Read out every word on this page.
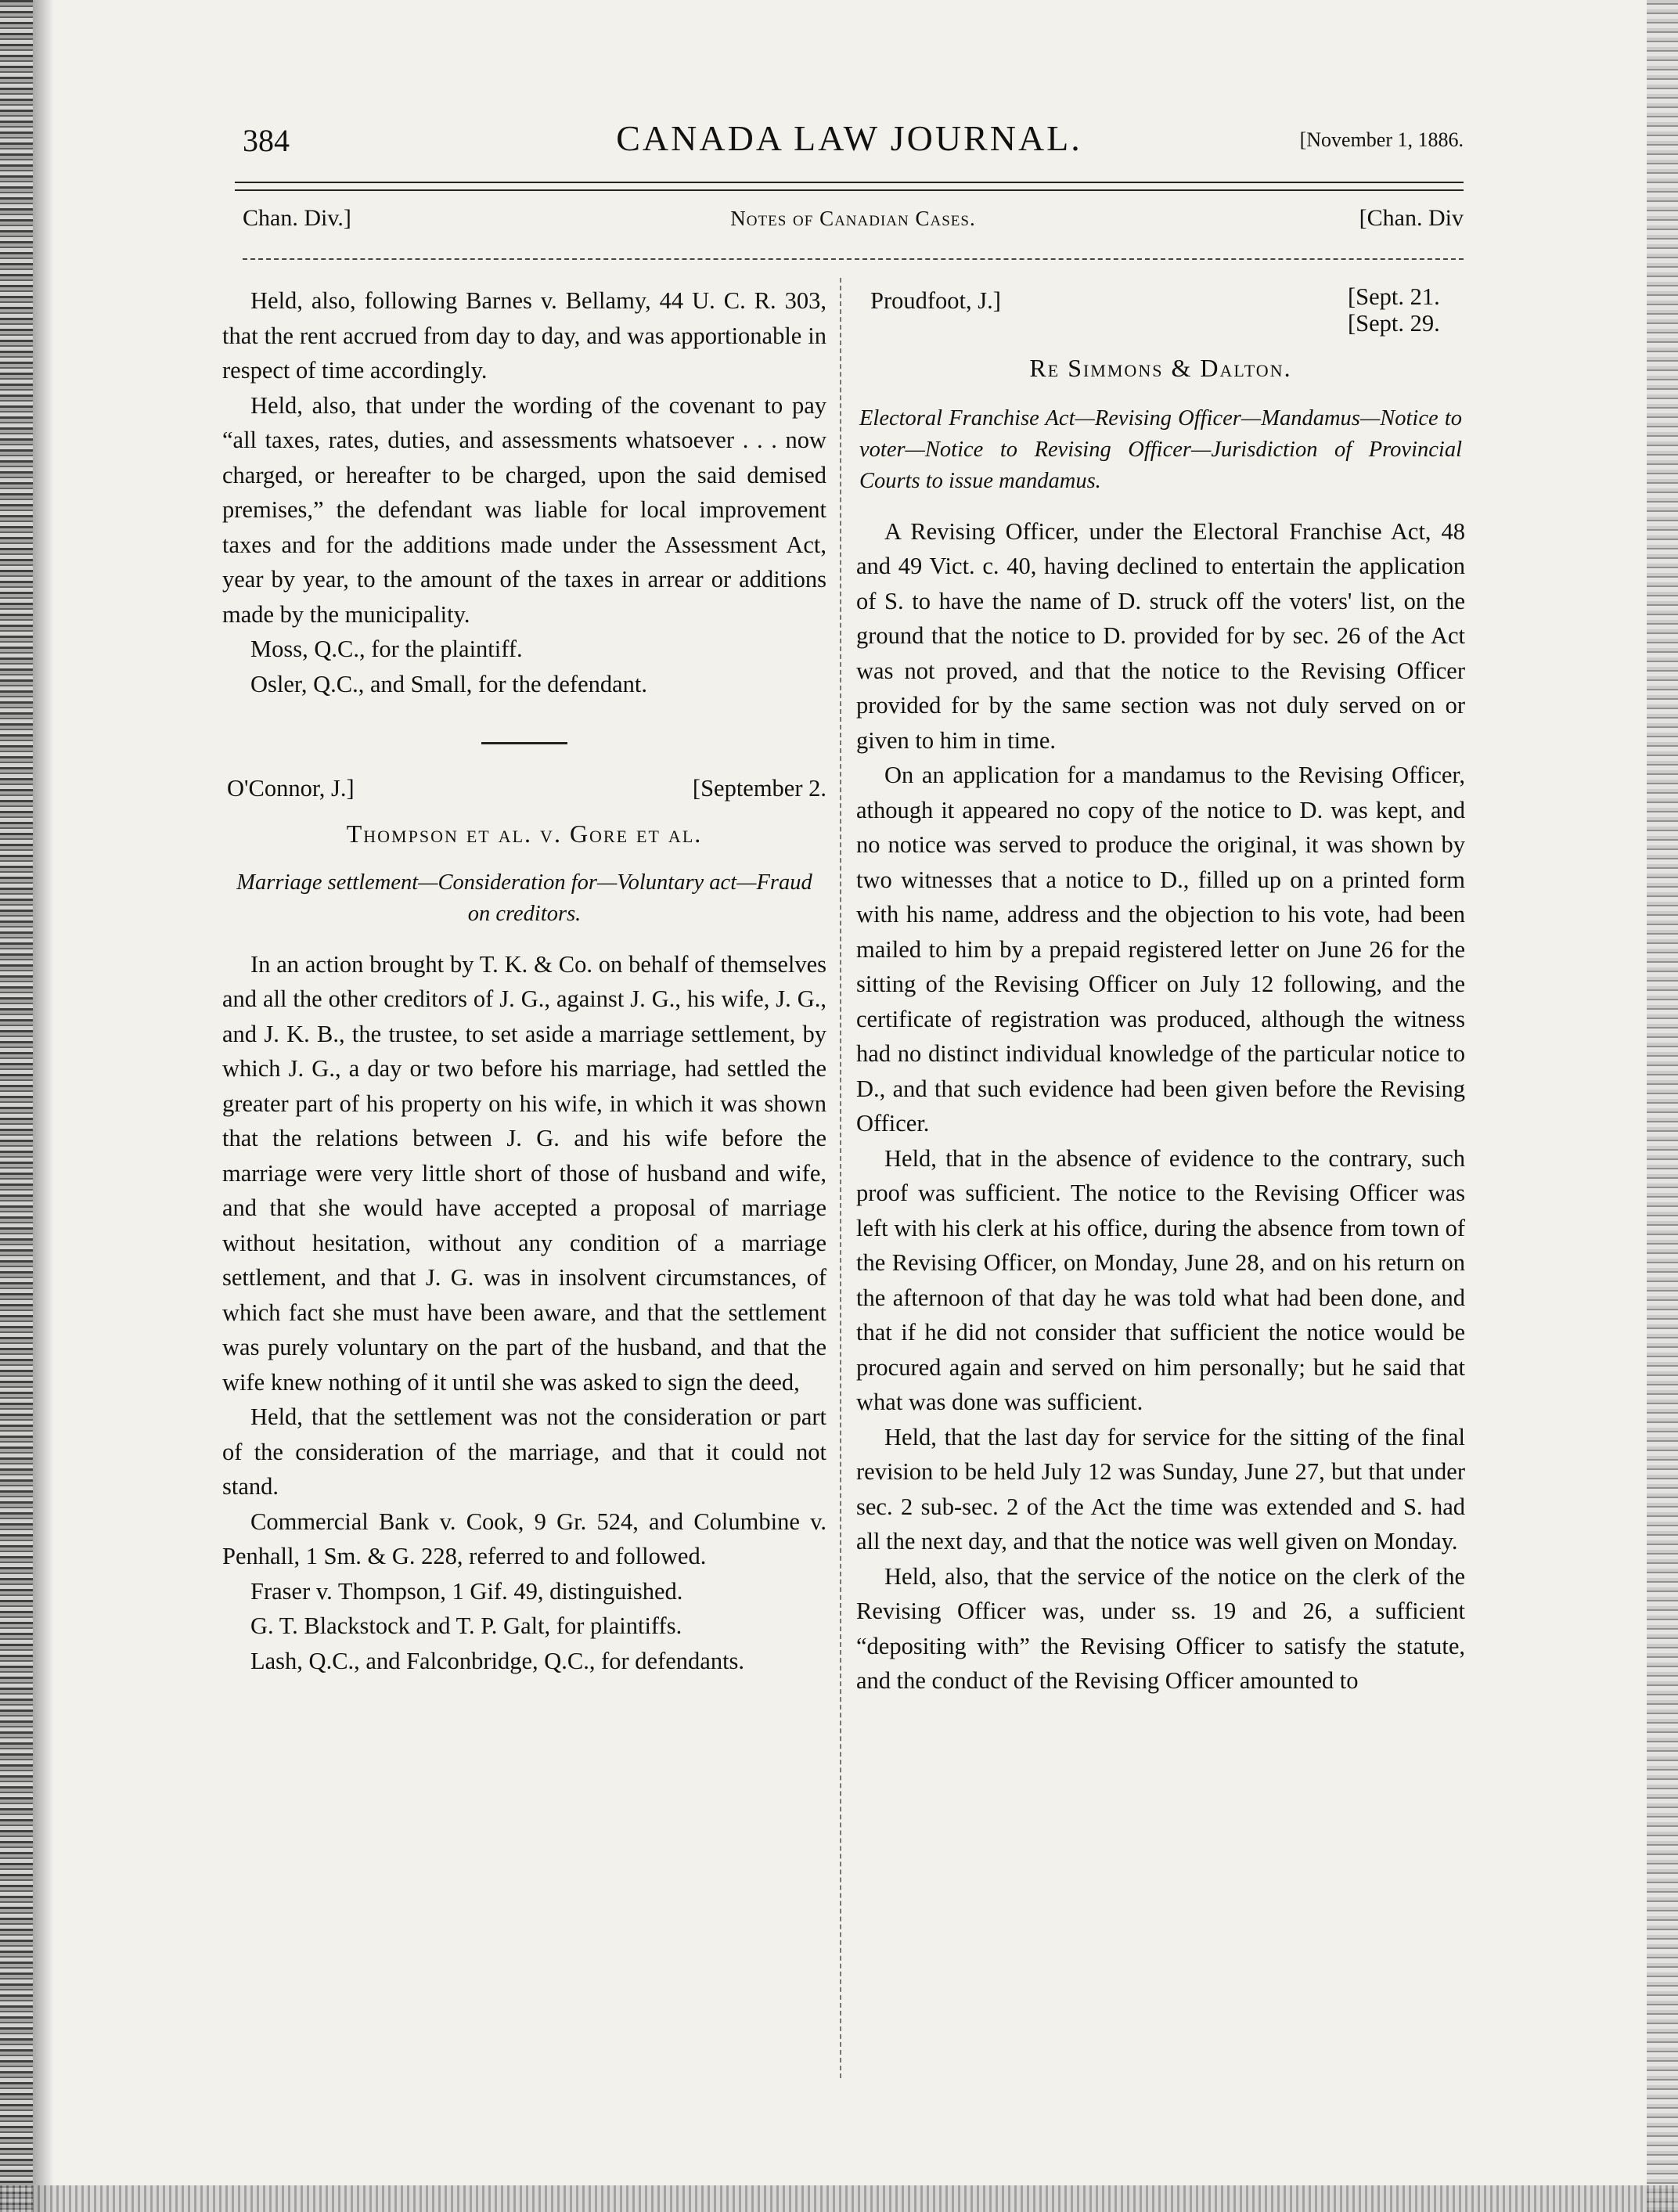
384	CANADA LAW JOURNAL.	[November 1, 1886.
Chan. Div.]	Notes of Canadian Cases.	[Chan. Div

Held, also, following Barnes v. Bellamy, 44 U. C. R. 303, that the rent accrued from day to day, and was apportionable in respect of time accordingly.

Held, also, that under the wording of the covenant to pay “all taxes, rates, duties, and assessments whatsoever . . . now charged, or hereafter to be charged, upon the said demised premises,” the defendant was liable for local improvement taxes and for the additions made under the Assessment Act, year by year, to the amount of the taxes in arrear or additions made by the municipality.

Moss, Q.C., for the plaintiff.

Osler, Q.C., and Small, for the defendant.

O'Connor, J.]	[September 2.
Thompson et al. v. Gore et al.
Marriage settlement—Consideration for—Voluntary act—Fraud on creditors.

In an action brought by T. K. & Co. on behalf of themselves and all the other creditors of J. G., against J. G., his wife, J. G., and J. K. B., the trustee, to set aside a marriage settlement, by which J. G., a day or two before his marriage, had settled the greater part of his property on his wife, in which it was shown that the relations between J. G. and his wife before the marriage were very little short of those of husband and wife, and that she would have accepted a proposal of marriage without hesitation, without any condition of a marriage settlement, and that J. G. was in insolvent circumstances, of which fact she must have been aware, and that the settlement was purely voluntary on the part of the husband, and that the wife knew nothing of it until she was asked to sign the deed,

Held, that the settlement was not the consideration or part of the consideration of the marriage, and that it could not stand.

Commercial Bank v. Cook, 9 Gr. 524, and Columbine v. Penhall, 1 Sm. & G. 228, referred to and followed.

Fraser v. Thompson, 1 Gif. 49, distinguished.

G. T. Blackstock and T. P. Galt, for plaintiffs.

Lash, Q.C., and Falconbridge, Q.C., for defendants.

Proudfoot, J.]	[Sept. 21.
[Sept. 29.
Re Simmons & Dalton.
Electoral Franchise Act—Revising Officer—Mandamus—Notice to voter—Notice to Revising Officer—Jurisdiction of Provincial Courts to issue mandamus.

A Revising Officer, under the Electoral Franchise Act, 48 and 49 Vict. c. 40, having declined to entertain the application of S. to have the name of D. struck off the voters' list, on the ground that the notice to D. provided for by sec. 26 of the Act was not proved, and that the notice to the Revising Officer provided for by the same section was not duly served on or given to him in time.

On an application for a mandamus to the Revising Officer, athough it appeared no copy of the notice to D. was kept, and no notice was served to produce the original, it was shown by two witnesses that a notice to D., filled up on a printed form with his name, address and the objection to his vote, had been mailed to him by a prepaid registered letter on June 26 for the sitting of the Revising Officer on July 12 following, and the certificate of registration was produced, although the witness had no distinct individual knowledge of the particular notice to D., and that such evidence had been given before the Revising Officer.

Held, that in the absence of evidence to the contrary, such proof was sufficient. The notice to the Revising Officer was left with his clerk at his office, during the absence from town of the Revising Officer, on Monday, June 28, and on his return on the afternoon of that day he was told what had been done, and that if he did not consider that sufficient the notice would be procured again and served on him personally; but he said that what was done was sufficient.

Held, that the last day for service for the sitting of the final revision to be held July 12 was Sunday, June 27, but that under sec. 2 sub-sec. 2 of the Act the time was extended and S. had all the next day, and that the notice was well given on Monday.

Held, also, that the service of the notice on the clerk of the Revising Officer was, under ss. 19 and 26, a sufficient “depositing with” the Revising Officer to satisfy the statute, and the conduct of the Revising Officer amounted to
